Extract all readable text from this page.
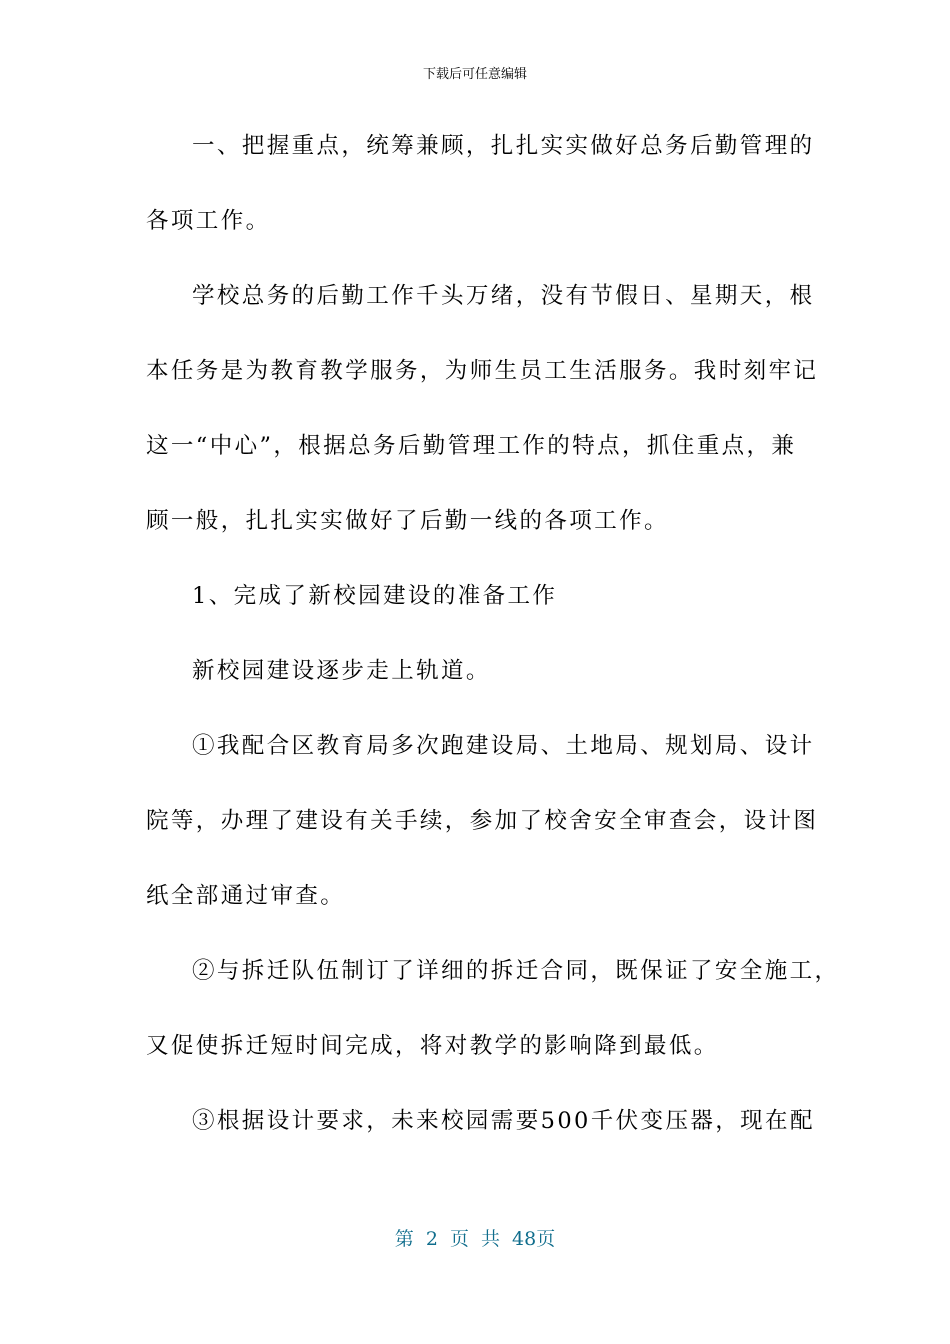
下载后可任意编辑
一、把握重点，统筹兼顾，扎扎实实做好总务后勤管理的
各项工作。
学校总务的后勤工作千头万绪，没有节假日、星期天，根
本任务是为教育教学服务，为师生员工生活服务。我时刻牢记
这一“中心”，根据总务后勤管理工作的特点，抓住重点，兼
顾一般，扎扎实实做好了后勤一线的各项工作。
1、完成了新校园建设的准备工作
新校园建设逐步走上轨道。
①我配合区教育局多次跑建设局、土地局、规划局、设计
院等，办理了建设有关手续，参加了校舍安全审查会，设计图
纸全部通过审查。
②与拆迁队伍制订了详细的拆迁合同，既保证了安全施工，
又促使拆迁短时间完成，将对教学的影响降到最低。
③根据设计要求，未来校园需要500千伏变压器，现在配
第 2 页 共 48页
